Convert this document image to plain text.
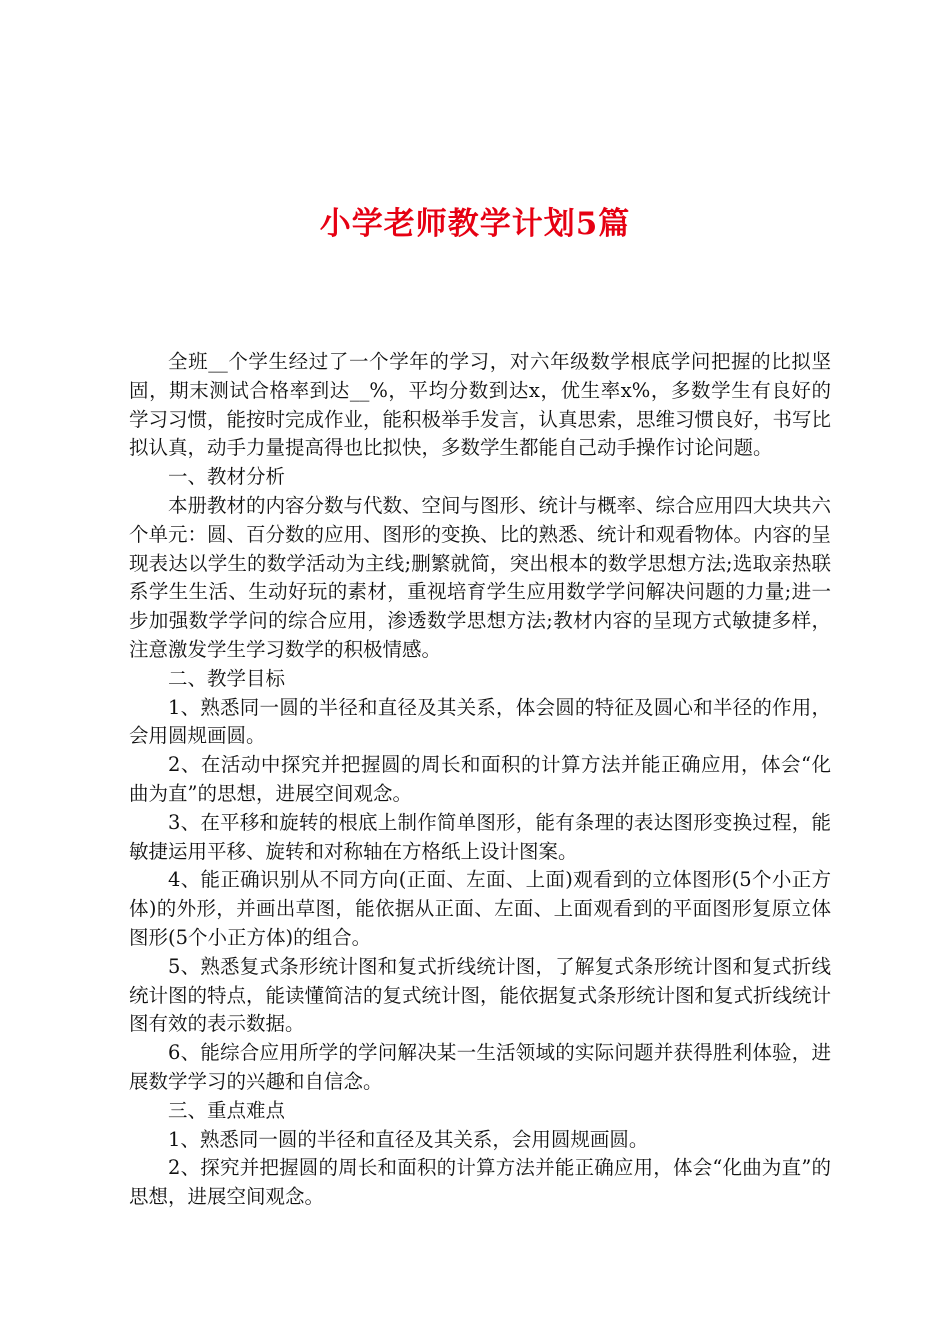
小学老师教学计划5篇

全班__个学生经过了一个学年的学习，对六年级数学根底学问把握的比拟坚固，期末测试合格率到达__%，平均分数到达x，优生率x%，多数学生有良好的学习习惯，能按时完成作业，能积极举手发言，认真思索，思维习惯良好，书写比拟认真，动手力量提高得也比拟快，多数学生都能自己动手操作讨论问题。

一、教材分析

本册教材的内容分数与代数、空间与图形、统计与概率、综合应用四大块共六个单元：圆、百分数的应用、图形的变换、比的熟悉、统计和观看物体。内容的呈现表达以学生的数学活动为主线;删繁就简，突出根本的数学思想方法;选取亲热联系学生生活、生动好玩的素材，重视培育学生应用数学学问解决问题的力量;进一步加强数学学问的综合应用，渗透数学思想方法;教材内容的呈现方式敏捷多样，注意激发学生学习数学的积极情感。

二、教学目标

1、熟悉同一圆的半径和直径及其关系，体会圆的特征及圆心和半径的作用，会用圆规画圆。

2、在活动中探究并把握圆的周长和面积的计算方法并能正确应用，体会“化曲为直”的思想，进展空间观念。

3、在平移和旋转的根底上制作简单图形，能有条理的表达图形变换过程，能敏捷运用平移、旋转和对称轴在方格纸上设计图案。

4、能正确识别从不同方向(正面、左面、上面)观看到的立体图形(5个小正方体)的外形，并画出草图，能依据从正面、左面、上面观看到的平面图形复原立体图形(5个小正方体)的组合。

5、熟悉复式条形统计图和复式折线统计图，了解复式条形统计图和复式折线统计图的特点，能读懂简洁的复式统计图，能依据复式条形统计图和复式折线统计图有效的表示数据。

6、能综合应用所学的学问解决某一生活领域的实际问题并获得胜利体验，进展数学学习的兴趣和自信念。

三、重点难点

1、熟悉同一圆的半径和直径及其关系，会用圆规画圆。

2、探究并把握圆的周长和面积的计算方法并能正确应用，体会“化曲为直”的思想，进展空间观念。
